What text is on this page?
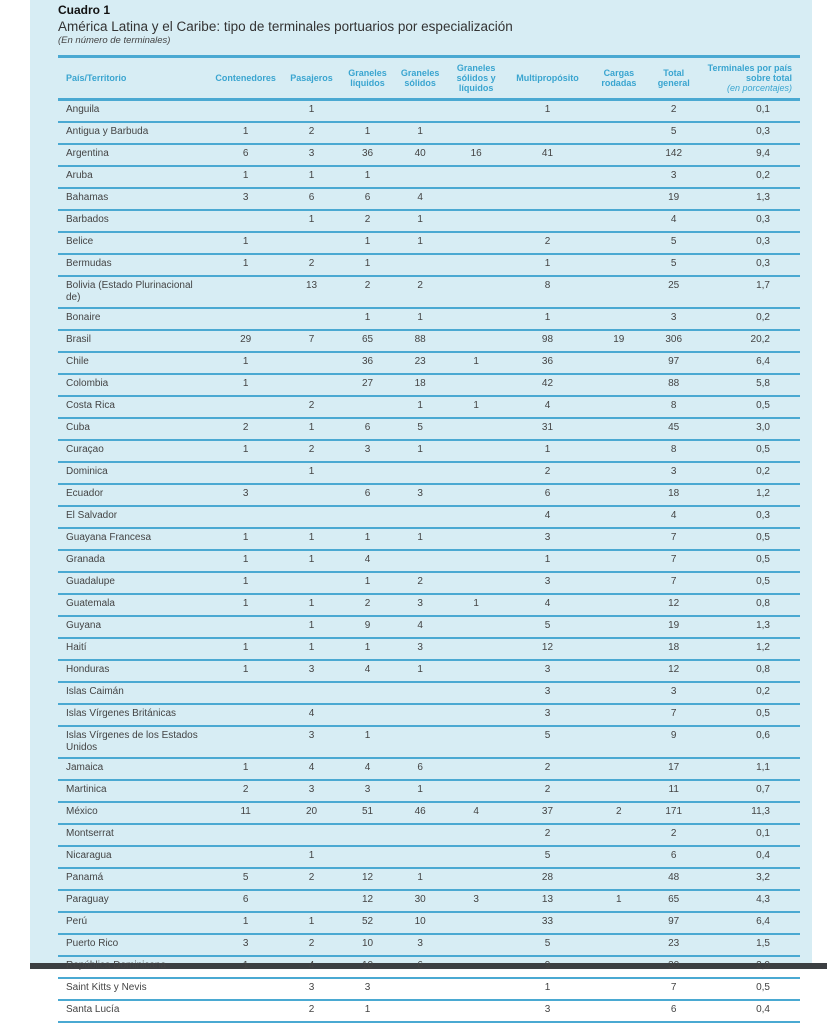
Cuadro 1
América Latina y el Caribe: tipo de terminales portuarios por especialización
(En número de terminales)
País/Territorio	Contenedores	Pasajeros	Graneles líquidos	Graneles sólidos	Graneles sólidos y líquidos	Multipropósito	Cargas rodadas	Total general	Terminales por país sobre total
(en porcentajes)
Anguila		1				1		2	0,1
Antigua y Barbuda	1	2	1	1				5	0,3
Argentina	6	3	36	40	16	41		142	9,4
Aruba	1	1	1					3	0,2
Bahamas	3	6	6	4				19	1,3
Barbados		1	2	1				4	0,3
Belice	1		1	1		2		5	0,3
Bermudas	1	2	1			1		5	0,3
Bolivia (Estado Plurinacional de)		13	2	2		8		25	1,7
Bonaire			1	1		1		3	0,2
Brasil	29	7	65	88		98	19	306	20,2
Chile	1		36	23	1	36		97	6,4
Colombia	1		27	18		42		88	5,8
Costa Rica		2		1	1	4		8	0,5
Cuba	2	1	6	5		31		45	3,0
Curaçao	1	2	3	1		1		8	0,5
Dominica		1				2		3	0,2
Ecuador	3		6	3		6		18	1,2
El Salvador						4		4	0,3
Guayana Francesa	1	1	1	1		3		7	0,5
Granada	1	1	4			1		7	0,5
Guadalupe	1		1	2		3		7	0,5
Guatemala	1	1	2	3	1	4		12	0,8
Guyana		1	9	4		5		19	1,3
Haití	1	1	1	3		12		18	1,2
Honduras	1	3	4	1		3		12	0,8
Islas Caimán						3		3	0,2
Islas Vírgenes Británicas		4				3		7	0,5
Islas Vírgenes de los Estados Unidos		3	1			5		9	0,6
Jamaica	1	4	4	6		2		17	1,1
Martinica	2	3	3	1		2		11	0,7
México	11	20	51	46	4	37	2	171	11,3
Montserrat						2		2	0,1
Nicaragua		1				5		6	0,4
Panamá	5	2	12	1		28		48	3,2
Paraguay	6		12	30	3	13	1	65	4,3
Perú	1	1	52	10		33		97	6,4
Puerto Rico	3	2	10	3		5		23	1,5
República Dominicana	1	4	10	6		9		30	2,0
Saint Kitts y Nevis		3	3			1		7	0,5
Santa Lucía		2	1			3		6	0,4
